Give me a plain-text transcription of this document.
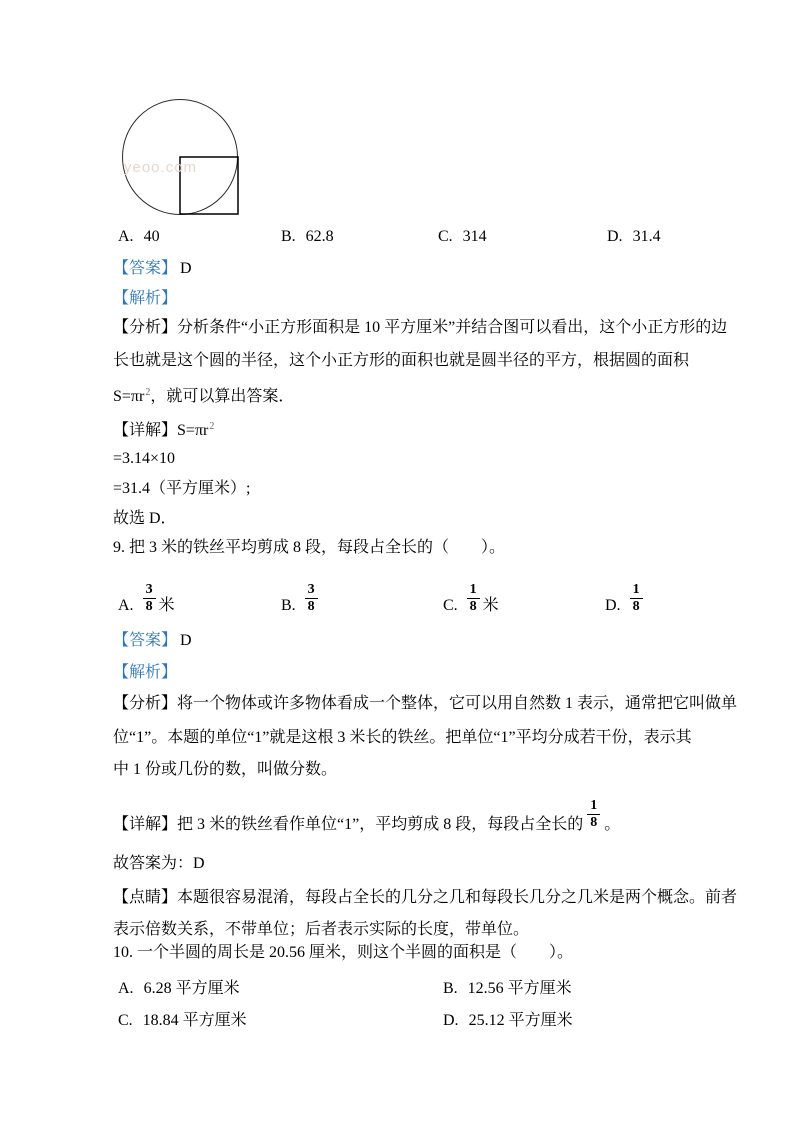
yeoo.com
A. 40	B. 62.8	C. 314	D. 31.4
【答案】 D
【解析】
【分析】分析条件“小正方形面积是 10 平方厘米”并结合图可以看出，这个小正方形的边
长也就是这个圆的半径，这个小正方形的面积也就是圆半径的平方，根据圆的面积
$S=\pi r^2$，就可以算出答案．
【详解】$S=\pi r^2$
=3.14×10
=31.4（平方厘米）;
故选 D．
9. 把 3 米的铁丝平均剪成 8 段，每段占全长的（　　）。
A. $\frac{3}{8}$ 米	B. $\frac{3}{8}$	C. $\frac{1}{8}$ 米	D. $\frac{1}{8}$
【答案】 D
【解析】
【分析】将一个物体或许多物体看成一个整体，它可以用自然数 1 表示，通常把它叫做单
位“1”。本题的单位“1”就是这根 3 米长的铁丝。把单位“1”平均分成若干份，表示其
中 1 份或几份的数，叫做分数。
【详解】 把 3 米的铁丝看作单位“1”，平均剪成 8 段，每段占全长的 $\frac{1}{8}$ 。
故答案为：D
【点睛】本题很容易混淆，每段占全长的几分之几和每段长几分之几米是两个概念。前者
表示倍数关系，不带单位；后者表示实际的长度，带单位。
10. 一个半圆的周长是 20.56 厘米，则这个半圆的面积是（　　）。
A. 6.28 平方厘米	B. 12.56 平方厘米
C. 18.84 平方厘米	D. 25.12 平方厘米
